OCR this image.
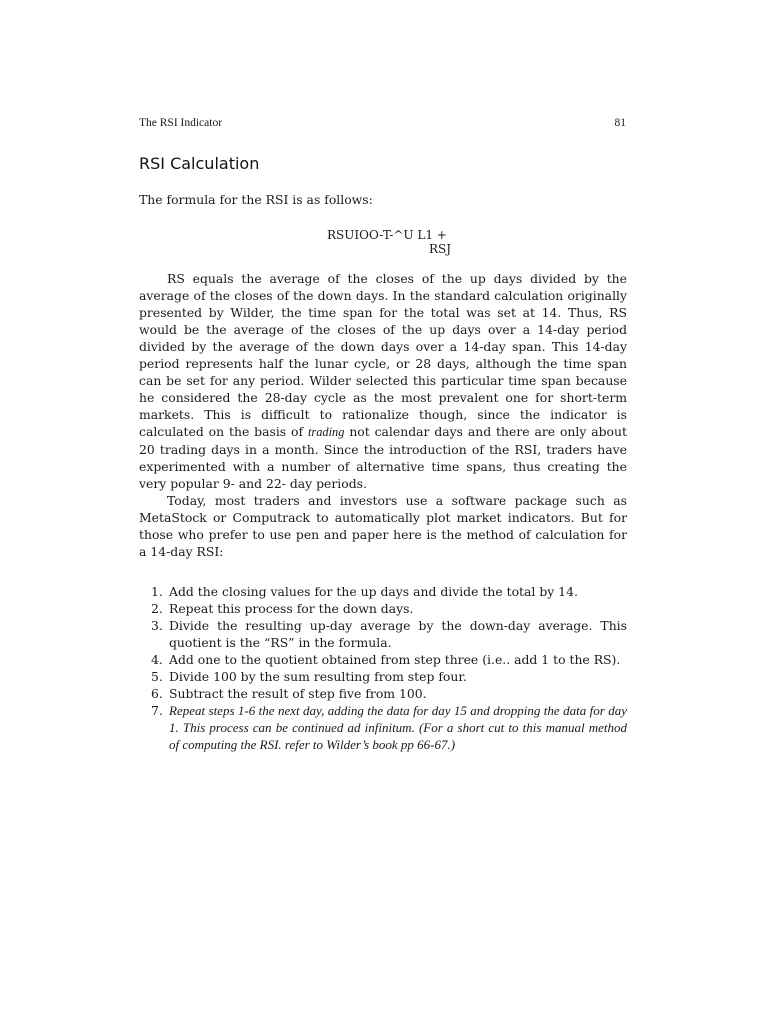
The RSI Indicator	81
RSI Calculation

The formula for the RSI is as follows:

RSUIOO-T-^U L1 +
RSJ

RS equals the average of the closes of the up days divided by the average of the closes of the down days. In the standard calculation originally presented by Wilder, the time span for the total was set at 14. Thus, RS would be the average of the closes of the up days over a 14-day period divided by the average of the down days over a 14-day span. This 14-day period represents half the lunar cycle, or 28 days, although the time span can be set for any period. Wilder selected this particular time span because he considered the 28-day cycle as the most prevalent one for short-term markets. This is difficult to rationalize though, since the indicator is calculated on the basis of trading not calendar days and there are only about 20 trading days in a month. Since the introduction of the RSI, traders have experimented with a number of alternative time spans, thus creating the very popular 9- and 22- day periods.

Today, most traders and investors use a software package such as MetaStock or Computrack to automatically plot market indicators. But for those who prefer to use pen and paper here is the method of calculation for a 14-day RSI:

1. Add the closing values for the up days and divide the total by 14.
2. Repeat this process for the down days.
3. Divide the resulting up-day average by the down-day average. This quotient is the “RS” in the formula.
4. Add one to the quotient obtained from step three (i.e.. add 1 to the RS).
5. Divide 100 by the sum resulting from step four.
6. Subtract the result of step five from 100.
7. Repeat steps 1-6 the next day, adding the data for day 15 and dropping the data for day 1. This process can be continued ad infinitum. (For a short cut to this manual method of computing the RSI. refer to Wilder’s book pp 66-67.)
